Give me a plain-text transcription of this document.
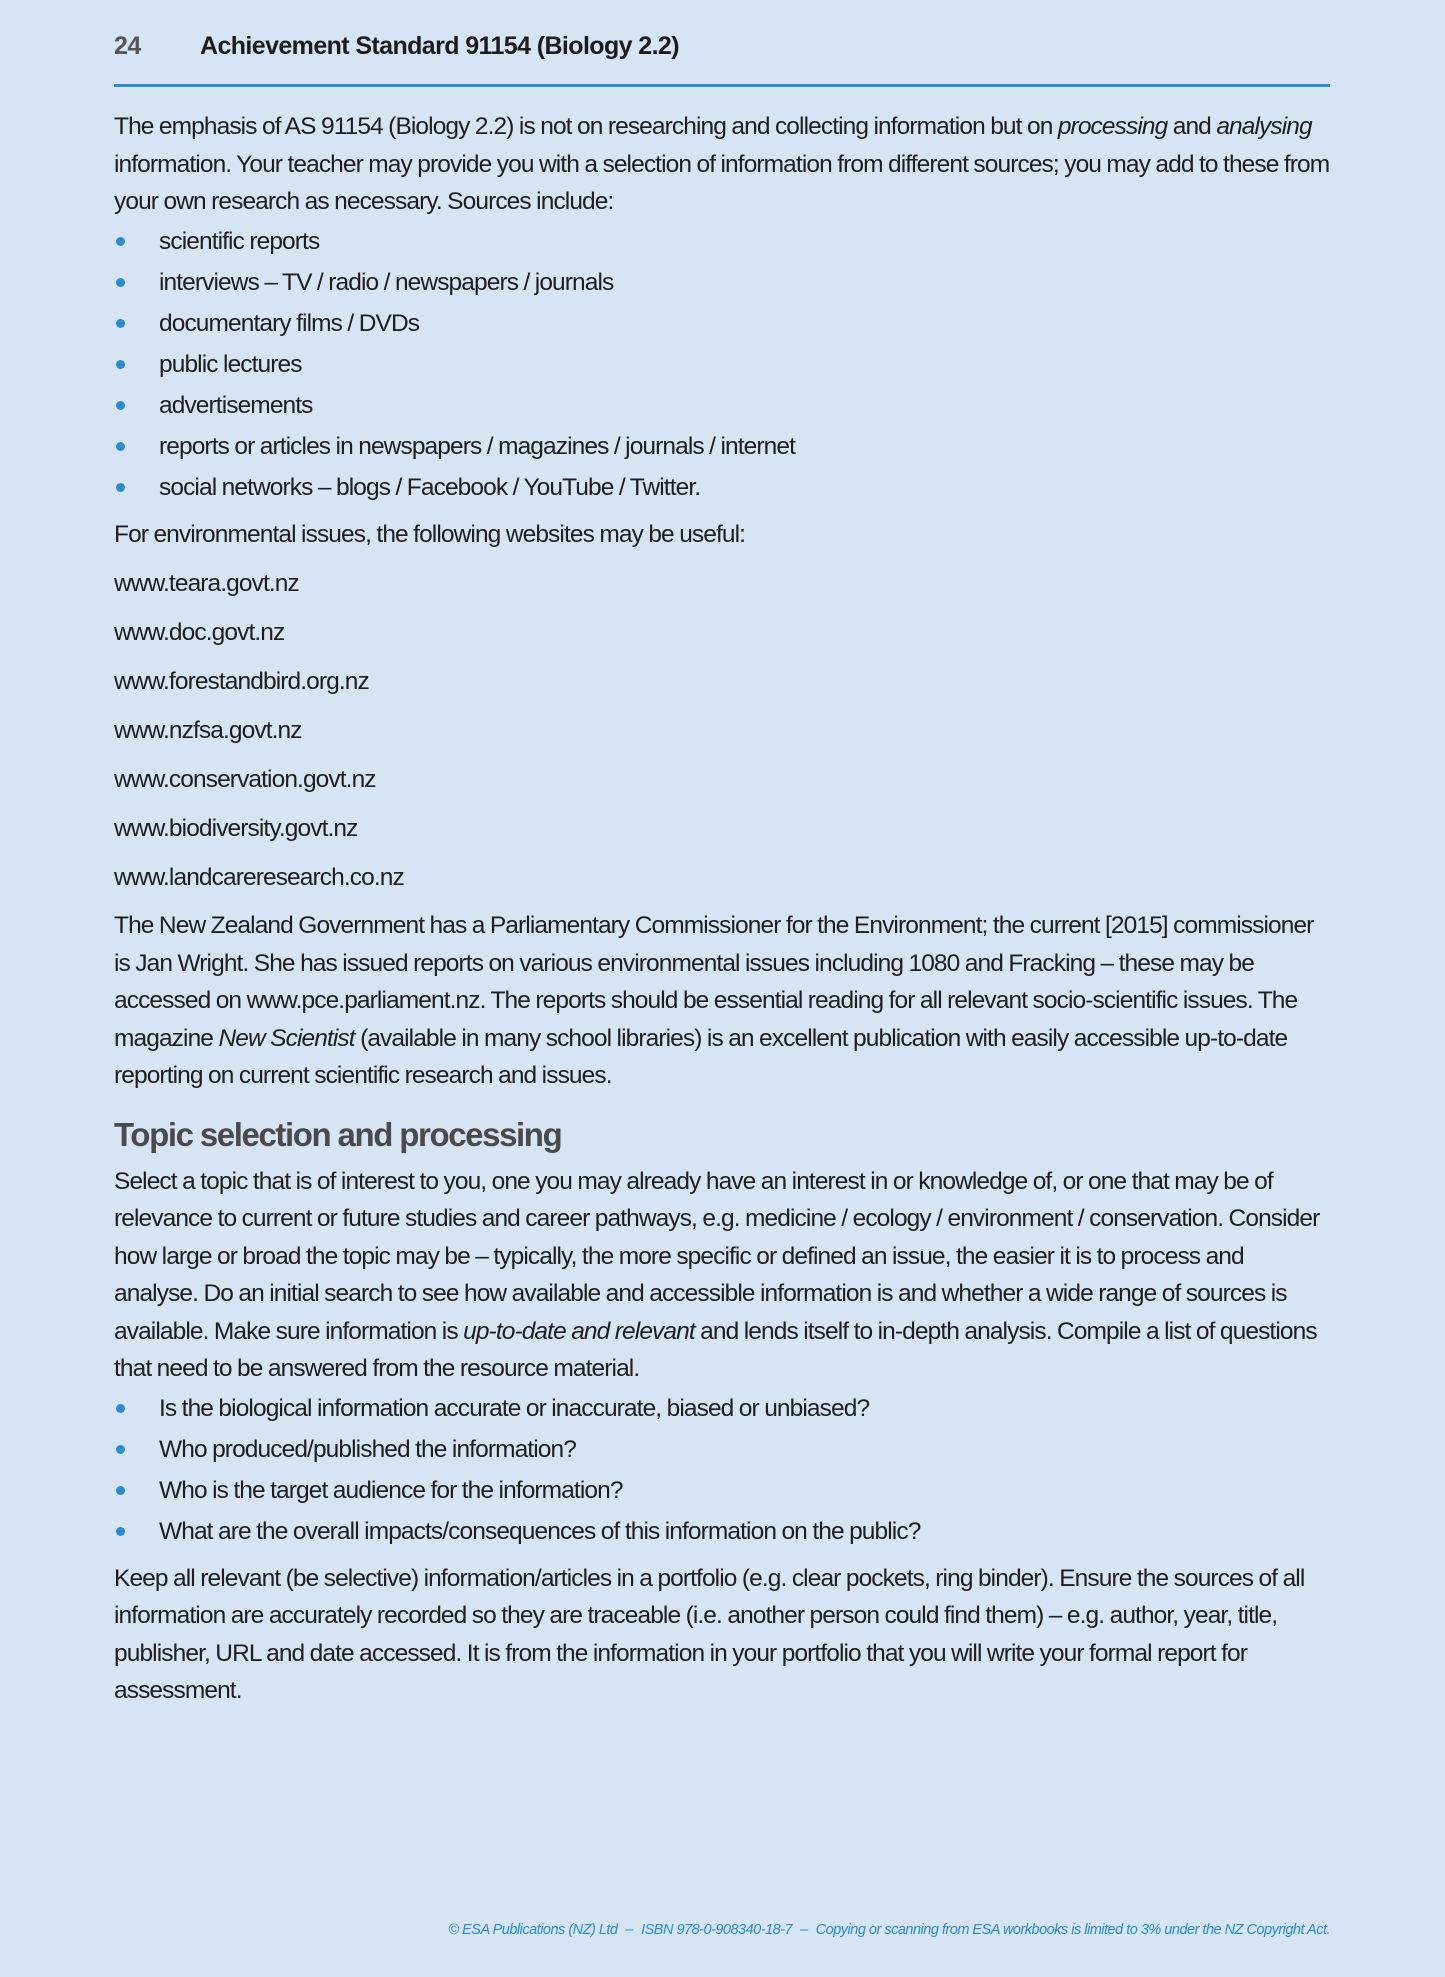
24	Achievement Standard 91154 (Biology 2.2)

The emphasis of AS 91154 (Biology 2.2) is not on researching and collecting information but on processing and analysing information. Your teacher may provide you with a selection of information from different sources; you may add to these from your own research as necessary. Sources include:

scientific reports
interviews – TV / radio / newspapers / journals
documentary films / DVDs
public lectures
advertisements
reports or articles in newspapers / magazines / journals / internet
social networks – blogs / Facebook / YouTube / Twitter.

For environmental issues, the following websites may be useful:

www.teara.govt.nz

www.doc.govt.nz

www.forestandbird.org.nz

www.nzfsa.govt.nz

www.conservation.govt.nz

www.biodiversity.govt.nz

www.landcareresearch.co.nz

The New Zealand Government has a Parliamentary Commissioner for the Environment; the current [2015] commissioner is Jan Wright. She has issued reports on various environmental issues including 1080 and Fracking – these may be accessed on www.pce.parliament.nz. The reports should be essential reading for all relevant socio-scientific issues. The magazine New Scientist (available in many school libraries) is an excellent publication with easily accessible up-to-date reporting on current scientific research and issues.

Topic selection and processing

Select a topic that is of interest to you, one you may already have an interest in or knowledge of, or one that may be of relevance to current or future studies and career pathways, e.g. medicine / ecology / environment / conservation. Consider how large or broad the topic may be – typically, the more specific or defined an issue, the easier it is to process and analyse. Do an initial search to see how available and accessible information is and whether a wide range of sources is available. Make sure information is up-to-date and relevant and lends itself to in-depth analysis. Compile a list of questions that need to be answered from the resource material.

Is the biological information accurate or inaccurate, biased or unbiased?
Who produced/published the information?
Who is the target audience for the information?
What are the overall impacts/consequences of this information on the public?

Keep all relevant (be selective) information/articles in a portfolio (e.g. clear pockets, ring binder). Ensure the sources of all information are accurately recorded so they are traceable (i.e. another person could find them) – e.g. author, year, title, publisher, URL and date accessed. It is from the information in your portfolio that you will write your formal report for assessment.

© ESA Publications (NZ) Ltd – ISBN 978-0-908340-18-7 – Copying or scanning from ESA workbooks is limited to 3% under the NZ Copyright Act.
